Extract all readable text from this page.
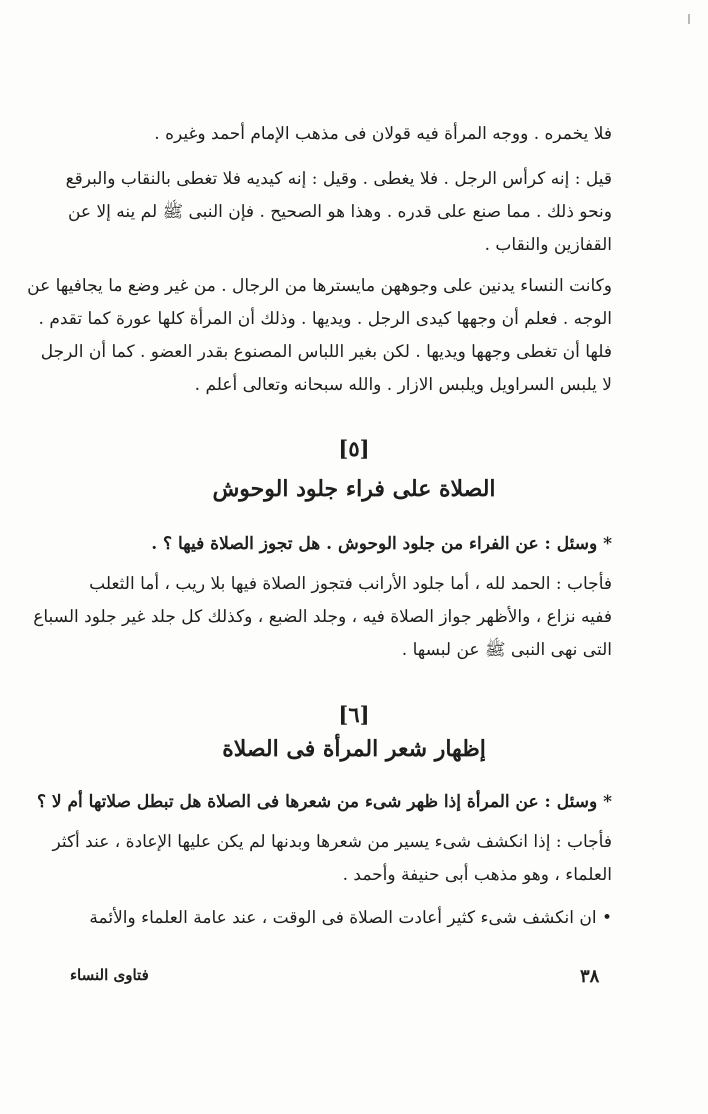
فلا يخمره . ووجه المرأة فيه قولان فى مذهب الإمام أحمد وغيره .

قيل : إنه كرأس الرجل . فلا يغطى . وقيل : إنه كيديه فلا تغطى بالنقاب والبرقع
ونحو ذلك . مما صنع على قدره . وهذا هو الصحيح . فإن النبى ﷺ لم ينه إلا عن
القفازين والنقاب .

وكانت النساء يدنين على وجوههن مايسترها من الرجال . من غير وضع ما يجافيها عن
الوجه . فعلم أن وجهها كيدى الرجل . ويديها . وذلك أن المرأة كلها عورة كما تقدم .
فلها أن تغطى وجهها ويديها . لكن بغير اللباس المصنوع بقدر العضو . كما أن الرجل
لا يلبس السراويل ويلبس الازار . والله سبحانه وتعالى أعلم .

[٥]
الصلاة على فراء جلود الوحوش
* وسئل : عن الفراء من جلود الوحوش . هل تجوز الصلاة فيها ؟ .

فأجاب : الحمد لله ، أما جلود الأرانب فتجوز الصلاة فيها بلا ريب ، أما الثعلب
ففيه نزاع ، والأظهر جواز الصلاة فيه ، وجلد الضبع ، وكذلك كل جلد غير جلود السباع
التى نهى النبى ﷺ عن لبسها .

[٦]
إظهار شعر المرأة فى الصلاة
* وسئل : عن المرأة إذا ظهر شىء من شعرها فى الصلاة هل تبطل صلاتها أم لا ؟

فأجاب : إذا انكشف شىء يسير من شعرها وبدنها لم يكن عليها الإعادة ، عند أكثر
العلماء ، وهو مذهب أبى حنيفة وأحمد .

• ان انكشف شىء كثير أعادت الصلاة فى الوقت ، عند عامة العلماء والأئمة

فتاوى النساء	٣٨
